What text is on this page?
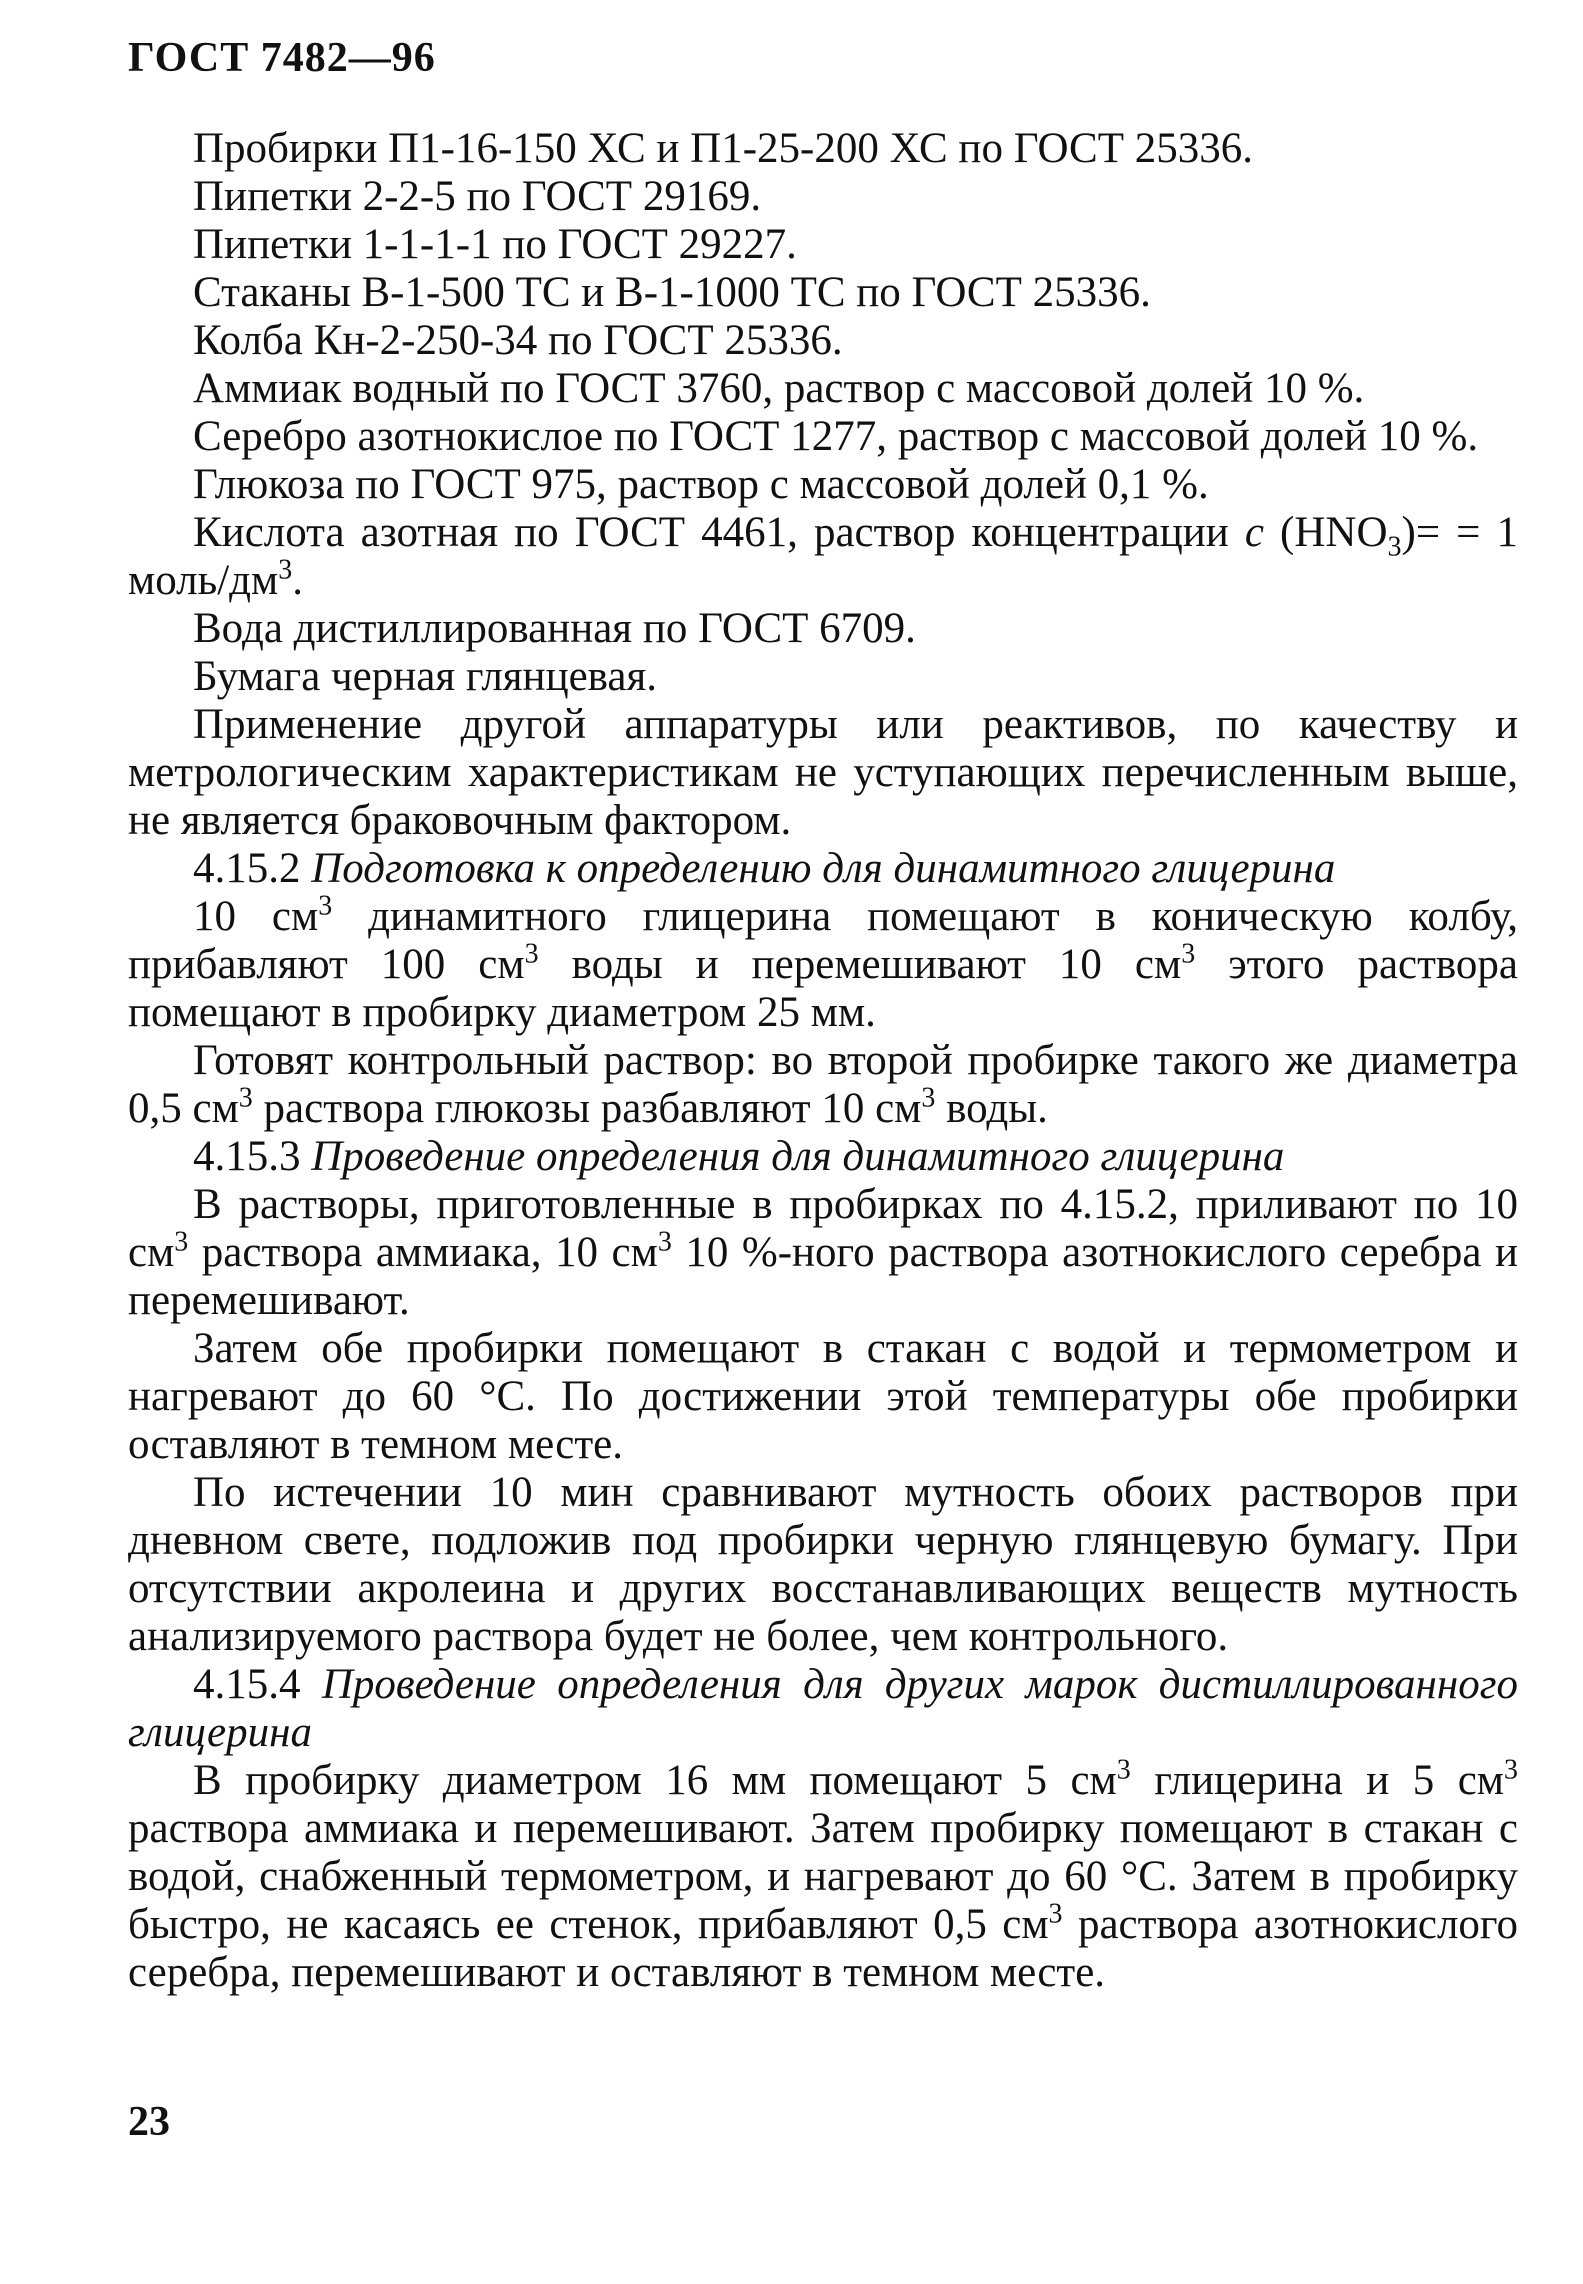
ГОСТ 7482—96

Пробирки П1-16-150 ХС и П1-25-200 ХС по ГОСТ 25336.

Пипетки 2-2-5 по ГОСТ 29169.

Пипетки 1-1-1-1 по ГОСТ 29227.

Стаканы В-1-500 ТС и В-1-1000 ТС по ГОСТ 25336.

Колба Кн-2-250-34 по ГОСТ 25336.

Аммиак водный по ГОСТ 3760, раствор с массовой долей 10 %.

Серебро азотнокислое по ГОСТ 1277, раствор с массовой долей 10 %.

Глюкоза по ГОСТ 975, раствор с массовой долей 0,1 %.

Кислота азотная по ГОСТ 4461, раствор концентрации c $(HNO_3)= = 1$ моль/$дм^3$.

Вода дистиллированная по ГОСТ 6709.

Бумага черная глянцевая.

Применение другой аппаратуры или реактивов, по качеству и метрологическим характеристикам не уступающих перечисленным выше, не является браковочным фактором.

4.15.2 Подготовка к определению для динамитного глицерина

10 $см^3$ динамитного глицерина помещают в коническую колбу, прибавляют 100 $см^3$ воды и перемешивают 10 $см^3$ этого раствора помещают в пробирку диаметром 25 мм.

Готовят контрольный раствор: во второй пробирке такого же диаметра 0,5 $см^3$ раствора глюкозы разбавляют 10 $см^3$ воды.

4.15.3 Проведение определения для динамитного глицерина

В растворы, приготовленные в пробирках по 4.15.2, приливают по 10 $см^3$ раствора аммиака, 10 $см^3$ 10 %-ного раствора азотнокислого серебра и перемешивают.

Затем обе пробирки помещают в стакан с водой и термометром и нагревают до 60 °С. По достижении этой температуры обе пробирки оставляют в темном месте.

По истечении 10 мин сравнивают мутность обоих растворов при дневном свете, подложив под пробирки черную глянцевую бумагу. При отсутствии акролеина и других восстанавливающих веществ мутность анализируемого раствора будет не более, чем контрольного.

4.15.4 Проведение определения для других марок дистиллированного глицерина

В пробирку диаметром 16 мм помещают 5 $см^3$ глицерина и 5 $см^3$ раствора аммиака и перемешивают. Затем пробирку помещают в стакан с водой, снабженный термометром, и нагревают до 60 °С. Затем в пробирку быстро, не касаясь ее стенок, прибавляют 0,5 $см^3$ раствора азотнокислого серебра, перемешивают и оставляют в темном месте.

23
